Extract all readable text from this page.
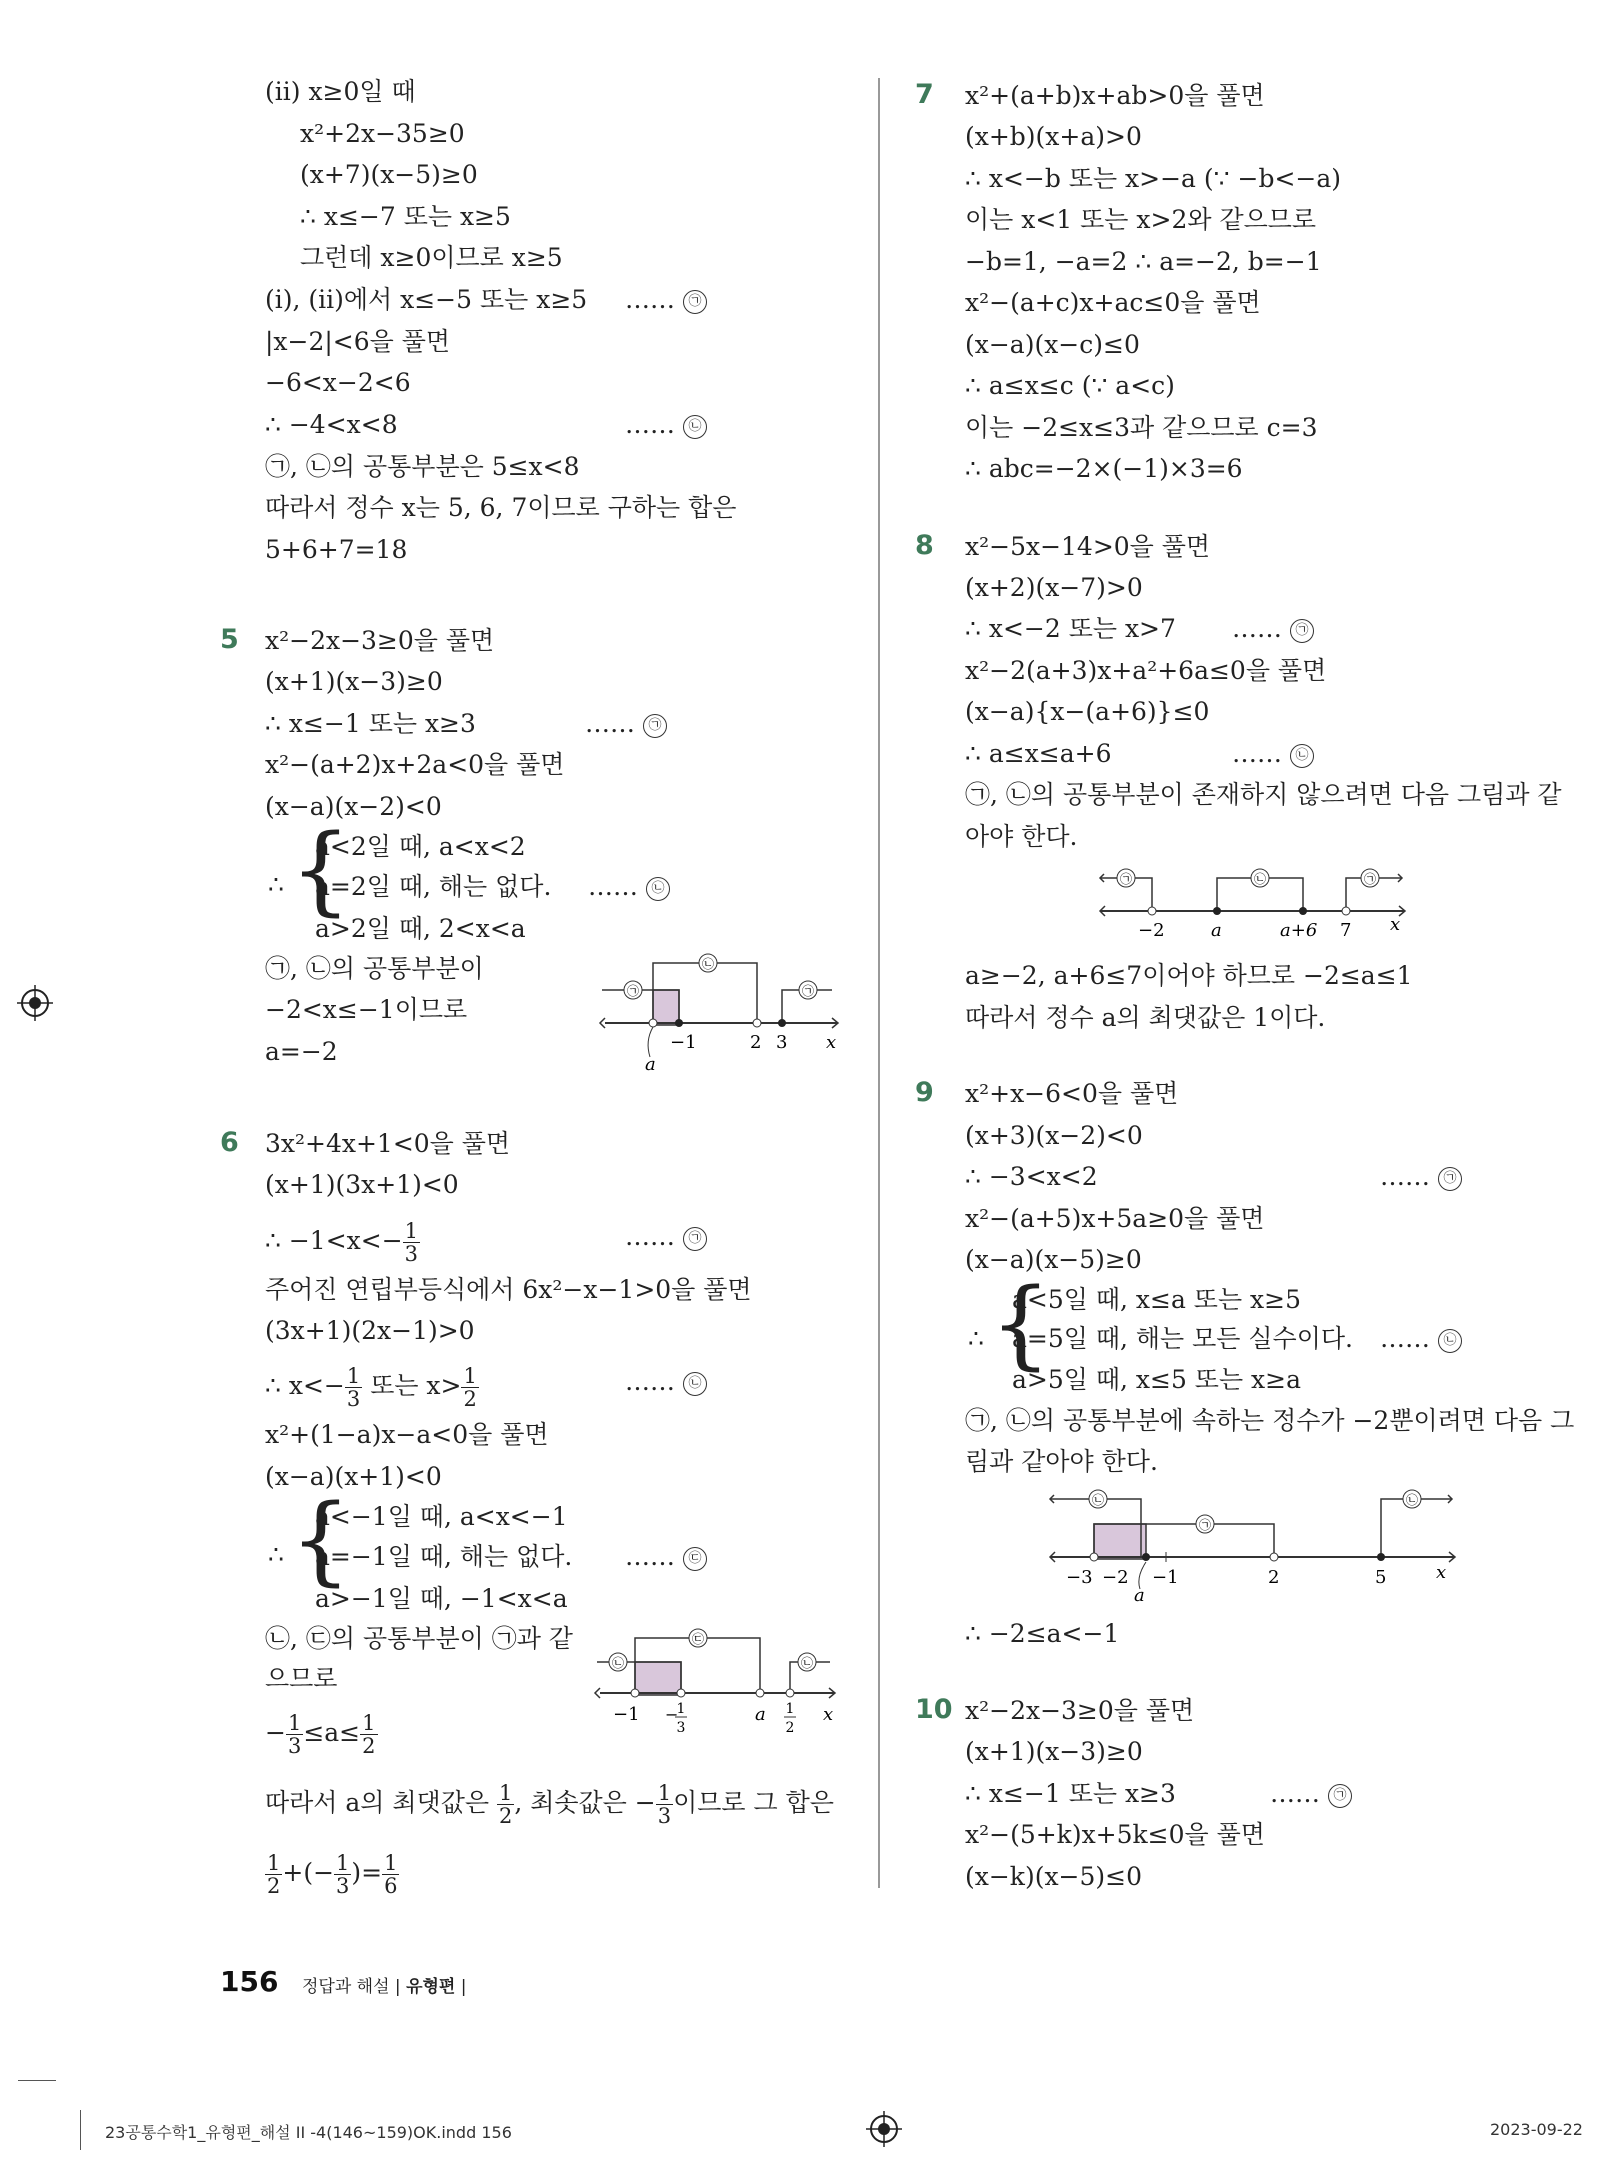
(ⅱ) x≥0일 때
x²+2x−35≥0
(x+7)(x−5)≥0
∴ x≤−7 또는 x≥5
그런데 x≥0이므로 x≥5
(ⅰ), (ⅱ)에서 x≤−5 또는 x≥5 …… ㉠
|x−2|<6을 풀면
−6<x−2<6
∴ −4<x<8	…… ㉡
㉠, ㉡의 공통부분은 5≤x<8
따라서 정수 x는 5, 6, 7이므로 구하는 합은
5+6+7=18
5 x²−2x−3≥0을 풀면
(x+1)(x−3)≥0
∴ x≤−1 또는 x≥3	…… ㉠
x²−(a+2)x+2a<0을 풀면
(x−a)(x−2)<0
∴ {
a<2일 때, a<x<2
a=2일 때, 해는 없다.
a>2일 때, 2<x<a
…… ㉡
㉠, ㉡의 공통부분이
−2<x≤−1이므로
a=−2
㉠
㉡
㉠
−1	2 3 x
a
6 3x²+4x+1<0을 풀면
(x+1)(3x+1)<0
∴ $-1<x<- \frac{1}{3}$	…… ㉠
주어진 연립부등식에서 6x²−x−1>0을 풀면
(3x+1)(2x−1)>0
∴ $x<- \frac{1}{3}$ 또는 $x> \frac{1}{2}$	…… ㉡
x²+(1−a)x−a<0을 풀면
(x−a)(x+1)<0
∴ {
a<−1일 때, a<x<−1
a=−1일 때, 해는 없다.
a>−1일 때, −1<x<a
…… ㉢
㉡, ㉢의 공통부분이 ㉠과 같
으므로
− $\frac{1}{3} \le a\le \frac{1}{2}$
따라서 a의 최댓값은 $\frac{1}{2}$ , 최솟값은 − $\frac{1}{3}$ 이므로 그 합은
$\frac{1}{2}$ +(− $\frac{1}{3}$ )= $\frac{1}{6}$
㉡
㉢
㉡
−1 −
1
3
a 1
2
x
7 x²+(a+b)x+ab>0을 풀면
(x+b)(x+a)>0
∴ x<−b 또는 x>−a (∵ −b<−a)
이는 x<1 또는 x>2와 같으므로
−b=1, −a=2 ∴ a=−2, b=−1
x²−(a+c)x+ac≤0을 풀면
(x−a)(x−c)≤0
∴ a≤x≤c (∵ a<c)
이는 −2≤x≤3과 같으므로 c=3
∴ abc=−2×(−1)×3=6
8 x²−5x−14>0을 풀면
(x+2)(x−7)>0
∴ x<−2 또는 x>7 …… ㉠
x²−2(a+3)x+a²+6a≤0을 풀면
(x−a){x−(a+6)}≤0
∴ a≤x≤a+6	…… ㉡
㉠, ㉡의 공통부분이 존재하지 않으려면 다음 그림과 같
아야 한다.
㉠	㉡	㉠
−2	a	a+6 7 x
a≥−2, a+6≤7이어야 하므로 −2≤a≤1
따라서 정수 a의 최댓값은 1이다.
9 x²+x−6<0을 풀면
(x+3)(x−2)<0
∴ −3<x<2	…… ㉠
x²−(a+5)x+5a≥0을 풀면
(x−a)(x−5)≥0
∴ {
a<5일 때, x≤a 또는 x≥5
a=5일 때, 해는 모든 실수이다.
a>5일 때, x≤5 또는 x≥a
…… ㉡
㉠, ㉡의 공통부분에 속하는 정수가 −2뿐이려면 다음 그
림과 같아야 한다.
㉡
㉠
㉡
−3 −2 −1	2	5	x
a
∴ −2≤a<−1
10 x²−2x−3≥0을 풀면
(x+1)(x−3)≥0
∴ x≤−1 또는 x≥3	…… ㉠
x²−(5+k)x+5k≤0을 풀면
(x−k)(x−5)≤0
156 정답과 해설 | 유형편 |
23공통수학1_유형편_해설 II -4(146~159)OK.indd 156	2023-09-22
